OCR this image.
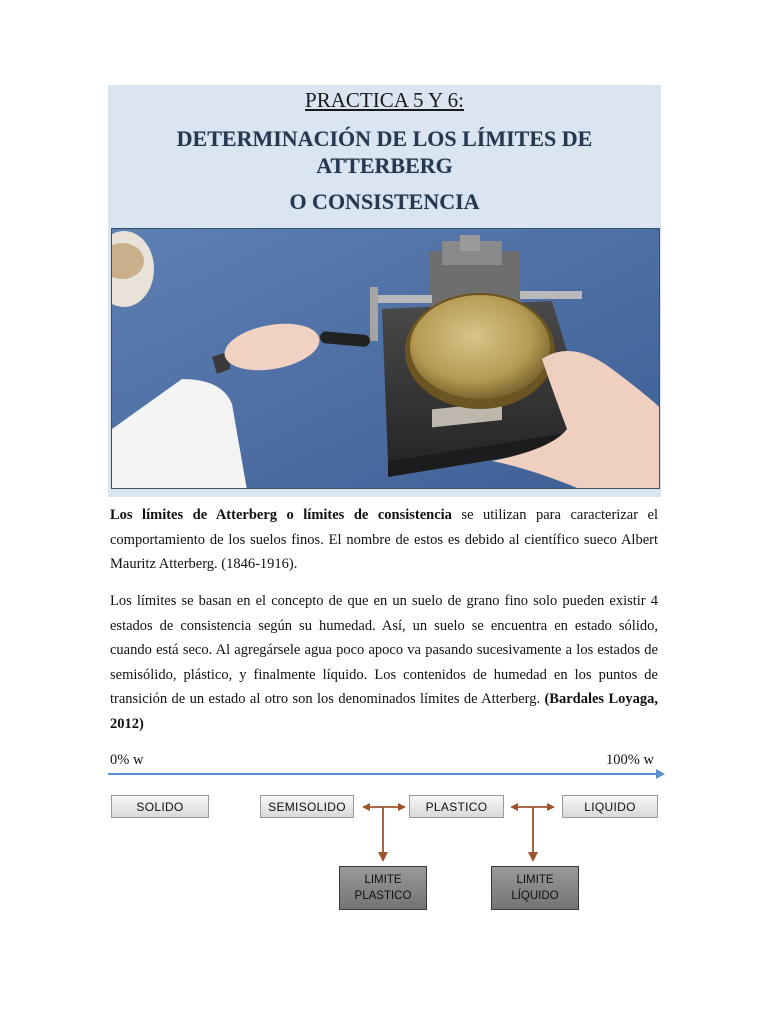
PRACTICA 5 Y 6:
DETERMINACIÓN DE LOS LÍMITES DE
ATTERBERG
O CONSISTENCIA
Los límites de Atterberg o límites de consistencia se utilizan para caracterizar el comportamiento de los suelos finos. El nombre de estos es debido al científico sueco Albert Mauritz Atterberg. (1846-1916).
Los límites se basan en el concepto de que en un suelo de grano fino solo pueden existir 4 estados de consistencia según su humedad. Así, un suelo se encuentra en estado sólido, cuando está seco. Al agregársele agua poco apoco va pasando sucesivamente a los estados de semisólido, plástico, y finalmente líquido. Los contenidos de humedad en los puntos de transición de un estado al otro son los denominados límites de Atterberg. (Bardales Loyaga, 2012)
0% w	100% w
SOLIDO	SEMISOLIDO	PLASTICO	LIQUIDO
LIMITE
PLASTICO
LIMITE
LÍQUIDO
